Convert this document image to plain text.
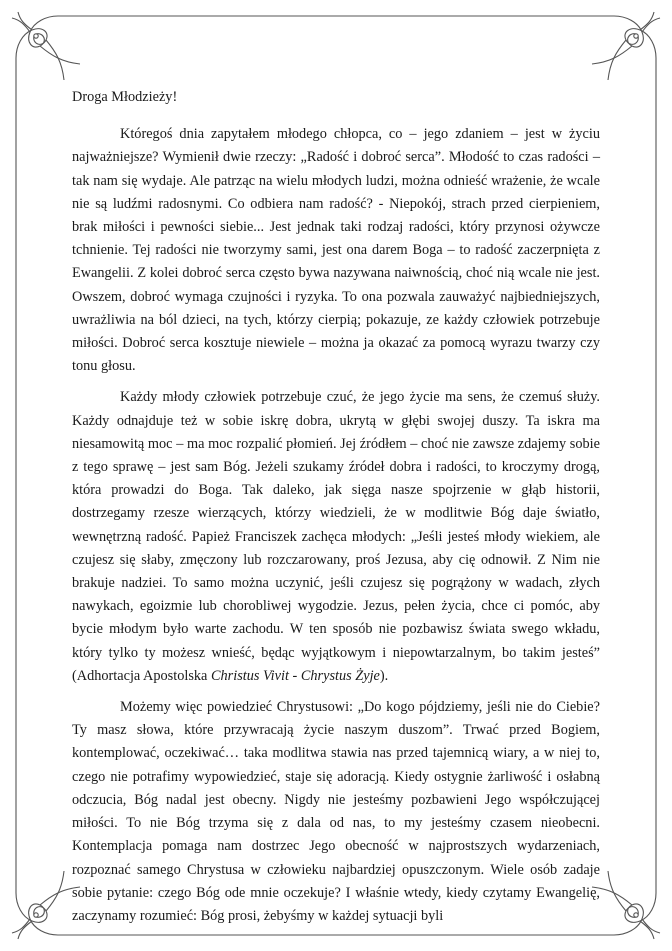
Droga Młodzieży!

Któregoś dnia zapytałem młodego chłopca, co – jego zdaniem – jest w życiu najważniejsze? Wymienił dwie rzeczy: „Radość i dobroć serca”. Młodość to czas radości – tak nam się wydaje. Ale patrząc na wielu młodych ludzi, można odnieść wrażenie, że wcale nie są ludźmi radosnymi. Co odbiera nam radość? - Niepokój, strach przed cierpieniem, brak miłości i pewności siebie... Jest jednak taki rodzaj radości, który przynosi ożywcze tchnienie. Tej radości nie tworzymy sami, jest ona darem Boga – to radość zaczerpnięta z Ewangelii. Z kolei dobroć serca często bywa nazywana naiwnością, choć nią wcale nie jest. Owszem, dobroć wymaga czujności i ryzyka. To ona pozwala zauważyć najbiedniejszych, uwrażliwia na ból dzieci, na tych, którzy cierpią; pokazuje, ze każdy człowiek potrzebuje miłości. Dobroć serca kosztuje niewiele – można ja okazać za pomocą wyrazu twarzy czy tonu głosu.

Każdy młody człowiek potrzebuje czuć, że jego życie ma sens, że czemuś służy. Każdy odnajduje też w sobie iskrę dobra, ukrytą w głębi swojej duszy. Ta iskra ma niesamowitą moc – ma moc rozpalić płomień. Jej źródłem – choć nie zawsze zdajemy sobie z tego sprawę – jest sam Bóg. Jeżeli szukamy źródeł dobra i radości, to kroczymy drogą, która prowadzi do Boga. Tak daleko, jak sięga nasze spojrzenie w głąb historii, dostrzegamy rzesze wierzących, którzy wiedzieli, że w modlitwie Bóg daje światło, wewnętrzną radość. Papież Franciszek zachęca młodych: „Jeśli jesteś młody wiekiem, ale czujesz się słaby, zmęczony lub rozczarowany, proś Jezusa, aby cię odnowił. Z Nim nie brakuje nadziei. To samo można uczynić, jeśli czujesz się pogrążony w wadach, złych nawykach, egoizmie lub chorobliwej wygodzie. Jezus, pełen życia, chce ci pomóc, aby bycie młodym było warte zachodu. W ten sposób nie pozbawisz świata swego wkładu, który tylko ty możesz wnieść, będąc wyjątkowym i niepowtarzalnym, bo takim jesteś” (Adhortacja Apostolska Christus Vivit - Chrystus Żyje).

Możemy więc powiedzieć Chrystusowi: „Do kogo pójdziemy, jeśli nie do Ciebie? Ty masz słowa, które przywracają życie naszym duszom”. Trwać przed Bogiem, kontemplować, oczekiwać… taka modlitwa stawia nas przed tajemnicą wiary, a w niej to, czego nie potrafimy wypowiedzieć, staje się adoracją. Kiedy ostygnie żarliwość i osłabną odczucia, Bóg nadal jest obecny. Nigdy nie jesteśmy pozbawieni Jego współczującej miłości. To nie Bóg trzyma się z dala od nas, to my jesteśmy czasem nieobecni. Kontemplacja pomaga nam dostrzec Jego obecność w najprostszych wydarzeniach, rozpoznać samego Chrystusa w człowieku najbardziej opuszczonym. Wiele osób zadaje sobie pytanie: czego Bóg ode mnie oczekuje? I właśnie wtedy, kiedy czytamy Ewangelię, zaczynamy rozumieć: Bóg prosi, żebyśmy w każdej sytuacji byli
